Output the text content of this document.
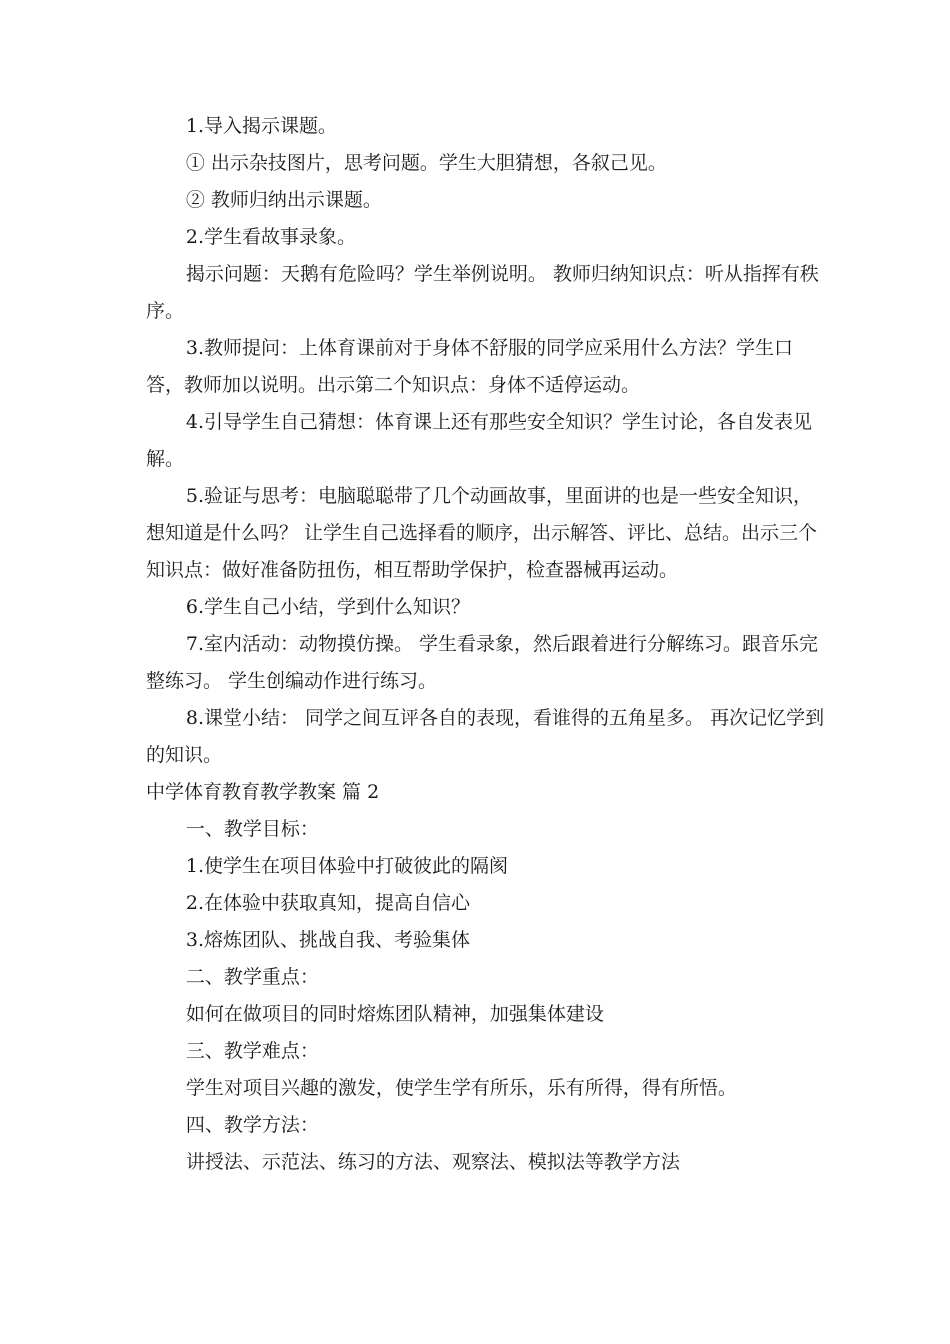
1.导入揭示课题。

① 出示杂技图片，思考问题。学生大胆猜想，各叙己见。

② 教师归纳出示课题。

2.学生看故事录象。

揭示问题：天鹅有危险吗？学生举例说明。 教师归纳知识点：听从指挥有秩序。

3.教师提问：上体育课前对于身体不舒服的同学应采用什么方法？学生口答，教师加以说明。出示第二个知识点：身体不适停运动。

4.引导学生自己猜想：体育课上还有那些安全知识？学生讨论，各自发表见解。

5.验证与思考：电脑聪聪带了几个动画故事，里面讲的也是一些安全知识，想知道是什么吗？ 让学生自己选择看的顺序，出示解答、评比、总结。出示三个知识点：做好准备防扭伤，相互帮助学保护，检查器械再运动。

6.学生自己小结，学到什么知识？

7.室内活动：动物摸仿操。 学生看录象，然后跟着进行分解练习。跟音乐完整练习。 学生创编动作进行练习。

8.课堂小结： 同学之间互评各自的表现，看谁得的五角星多。 再次记忆学到的知识。

中学体育教育教学教案 篇 2

一、教学目标：

1.使学生在项目体验中打破彼此的隔阂

2.在体验中获取真知，提高自信心

3.熔炼团队、挑战自我、考验集体

二、教学重点：

如何在做项目的同时熔炼团队精神，加强集体建设

三、教学难点：

学生对项目兴趣的激发，使学生学有所乐，乐有所得，得有所悟。

四、教学方法：

讲授法、示范法、练习的方法、观察法、模拟法等教学方法
